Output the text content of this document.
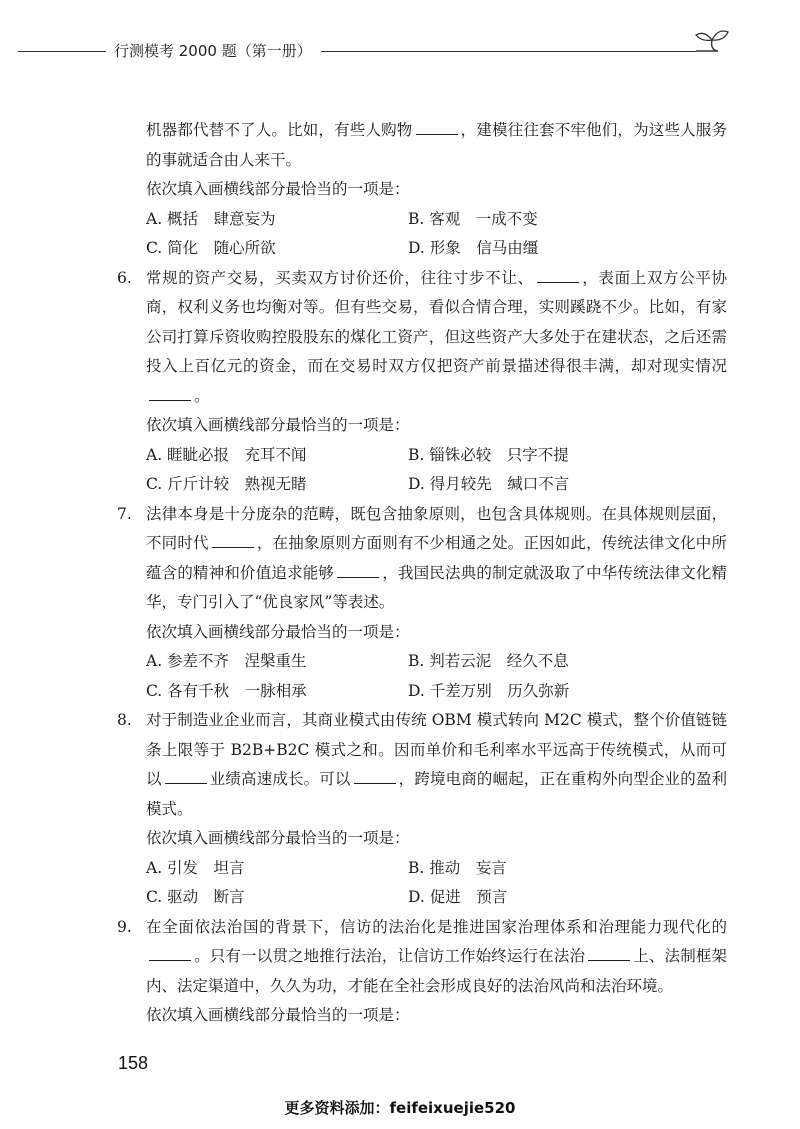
行测模考 2000 题（第一册）
机器都代替不了人。比如，有些人购物	，建模往往套不牢他们，为这些人服务的事就适合由人来干。
依次填入画横线部分最恰当的一项是：
A. 概括　肆意妄为	B. 客观　一成不变
C. 简化　随心所欲	D. 形象　信马由缰
6. 常规的资产交易，买卖双方讨价还价，往往寸步不让、	，表面上双方公平协商，权利义务也均衡对等。但有些交易，看似合情合理，实则蹊跷不少。比如，有家公司打算斥资收购控股股东的煤化工资产，但这些资产大多处于在建状态，之后还需投入上百亿元的资金，而在交易时双方仅把资产前景描述得很丰满，却对现实情况。
依次填入画横线部分最恰当的一项是：
A. 睚眦必报　充耳不闻	B. 锱铢必较　只字不提
C. 斤斤计较　熟视无睹	D. 得月较先　缄口不言
7. 法律本身是十分庞杂的范畴，既包含抽象原则，也包含具体规则。在具体规则层面，不同时代	，在抽象原则方面则有不少相通之处。正因如此，传统法律文化中所蕴含的精神和价值追求能够	，我国民法典的制定就汲取了中华传统法律文化精华，专门引入了“优良家风”等表述。
依次填入画横线部分最恰当的一项是：
A. 参差不齐　涅槃重生	B. 判若云泥　经久不息
C. 各有千秋　一脉相承	D. 千差万别　历久弥新
8. 对于制造业企业而言，其商业模式由传统 OBM 模式转向 M2C 模式，整个价值链链条上限等于 B2B+B2C 模式之和。因而单价和毛利率水平远高于传统模式，从而可以	业绩高速成长。可以	，跨境电商的崛起，正在重构外向型企业的盈利模式。
依次填入画横线部分最恰当的一项是：
A. 引发　坦言	B. 推动　妄言
C. 驱动　断言	D. 促进　预言
9. 在全面依法治国的背景下，信访的法治化是推进国家治理体系和治理能力现代化的。只有一以贯之地推行法治，让信访工作始终运行在法治	上、法制框架内、法定渠道中，久久为功，才能在全社会形成良好的法治风尚和法治环境。
依次填入画横线部分最恰当的一项是：
158
更多资料添加：feifeixuejie520
